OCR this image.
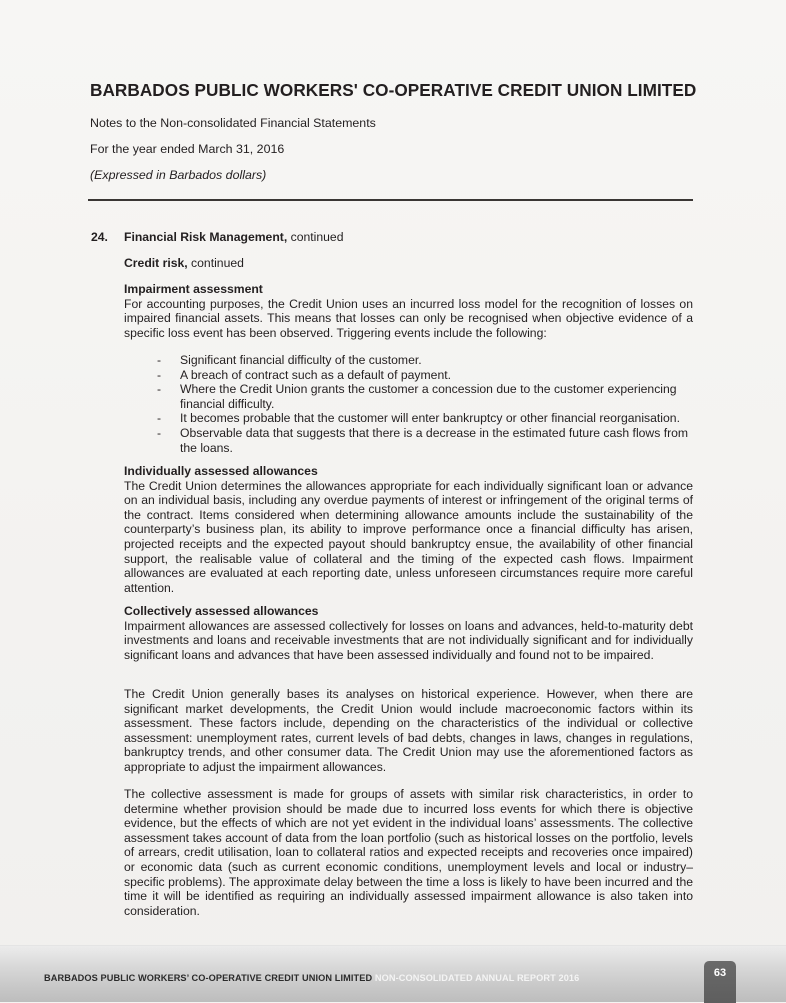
BARBADOS PUBLIC WORKERS' CO-OPERATIVE CREDIT UNION LIMITED
Notes to the Non-consolidated Financial Statements
For the year ended March 31, 2016
(Expressed in Barbados dollars)
24. Financial Risk Management, continued
Credit risk, continued
Impairment assessment

For accounting purposes, the Credit Union uses an incurred loss model for the recognition of losses on impaired financial assets. This means that losses can only be recognised when objective evidence of a specific loss event has been observed. Triggering events include the following:

- Significant financial difficulty of the customer.
- A breach of contract such as a default of payment.
- Where the Credit Union grants the customer a concession due to the customer experiencing financial difficulty.
- It becomes probable that the customer will enter bankruptcy or other financial reorganisation.
- Observable data that suggests that there is a decrease in the estimated future cash flows from the loans.
Individually assessed allowances

The Credit Union determines the allowances appropriate for each individually significant loan or advance on an individual basis, including any overdue payments of interest or infringement of the original terms of the contract. Items considered when determining allowance amounts include the sustainability of the counterparty’s business plan, its ability to improve performance once a financial difficulty has arisen, projected receipts and the expected payout should bankruptcy ensue, the availability of other financial support, the realisable value of collateral and the timing of the expected cash flows. Impairment allowances are evaluated at each reporting date, unless unforeseen circumstances require more careful attention.

Collectively assessed allowances

Impairment allowances are assessed collectively for losses on loans and advances, held-to-maturity debt investments and loans and receivable investments that are not individually significant and for individually significant loans and advances that have been assessed individually and found not to be impaired.

The Credit Union generally bases its analyses on historical experience. However, when there are significant market developments, the Credit Union would include macroeconomic factors within its assessment. These factors include, depending on the characteristics of the individual or collective assessment: unemployment rates, current levels of bad debts, changes in laws, changes in regulations, bankruptcy trends, and other consumer data. The Credit Union may use the aforementioned factors as appropriate to adjust the impairment allowances.

The collective assessment is made for groups of assets with similar risk characteristics, in order to determine whether provision should be made due to incurred loss events for which there is objective evidence, but the effects of which are not yet evident in the individual loans’ assessments. The collective assessment takes account of data from the loan portfolio (such as historical losses on the portfolio, levels of arrears, credit utilisation, loan to collateral ratios and expected receipts and recoveries once impaired) or economic data (such as current economic conditions, unemployment levels and local or industry–specific problems). The approximate delay between the time a loss is likely to have been incurred and the time it will be identified as requiring an individually assessed impairment allowance is also taken into consideration.

BARBADOS PUBLIC WORKERS’ CO-OPERATIVE CREDIT UNION LIMITED NON-CONSOLIDATED ANNUAL REPORT 2016	63
